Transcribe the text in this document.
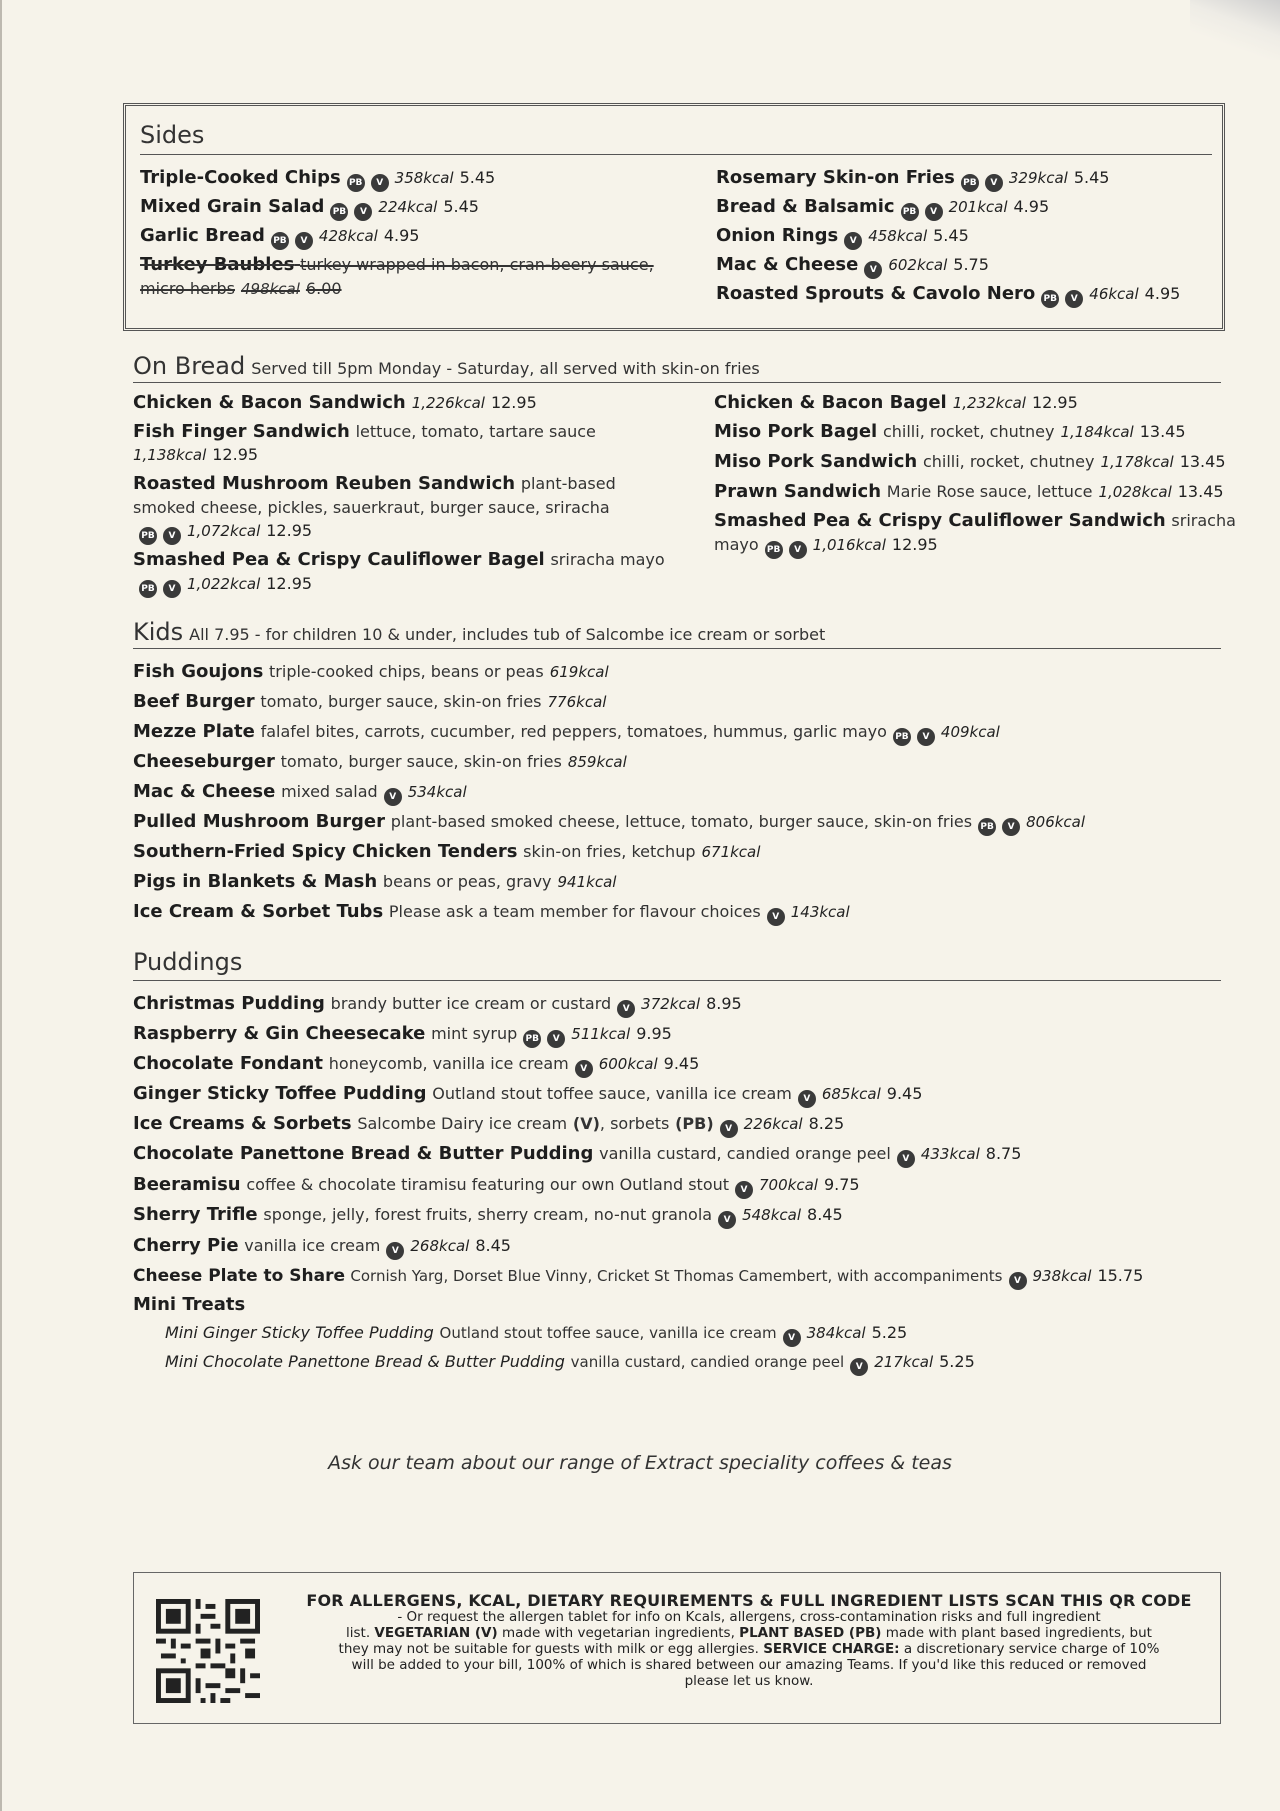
Sides
Triple-Cooked Chips PB V 358kcal 5.45
Mixed Grain Salad PB V 224kcal 5.45
Garlic Bread PB V 428kcal 4.95
Turkey Baubles turkey wrapped in bacon, cran-beery sauce,
micro herbs 498kcal 6.00
Rosemary Skin-on Fries PB V 329kcal 5.45
Bread & Balsamic PB V 201kcal 4.95
Onion Rings V 458kcal 5.45
Mac & Cheese V 602kcal 5.75
Roasted Sprouts & Cavolo Nero PB V 46kcal 4.95
On Bread Served till 5pm Monday - Saturday, all served with skin-on fries
Chicken & Bacon Sandwich 1,226kcal 12.95
Fish Finger Sandwich lettuce, tomato, tartare sauce
1,138kcal 12.95
Roasted Mushroom Reuben Sandwich plant-based
smoked cheese, pickles, sauerkraut, burger sauce, sriracha
PB V 1,072kcal 12.95
Smashed Pea & Crispy Cauliflower Bagel sriracha mayo
PB V 1,022kcal 12.95
Chicken & Bacon Bagel 1,232kcal 12.95
Miso Pork Bagel chilli, rocket, chutney 1,184kcal 13.45
Miso Pork Sandwich chilli, rocket, chutney 1,178kcal 13.45
Prawn Sandwich Marie Rose sauce, lettuce 1,028kcal 13.45
Smashed Pea & Crispy Cauliflower Sandwich sriracha
mayo PB V 1,016kcal 12.95
Kids All 7.95 - for children 10 & under, includes tub of Salcombe ice cream or sorbet
Fish Goujons triple-cooked chips, beans or peas 619kcal
Beef Burger tomato, burger sauce, skin-on fries 776kcal
Mezze Plate falafel bites, carrots, cucumber, red peppers, tomatoes, hummus, garlic mayo PB V 409kcal
Cheeseburger tomato, burger sauce, skin-on fries 859kcal
Mac & Cheese mixed salad V 534kcal
Pulled Mushroom Burger plant-based smoked cheese, lettuce, tomato, burger sauce, skin-on fries PB V 806kcal
Southern-Fried Spicy Chicken Tenders skin-on fries, ketchup 671kcal
Pigs in Blankets & Mash beans or peas, gravy 941kcal
Ice Cream & Sorbet Tubs Please ask a team member for flavour choices V 143kcal
Puddings
Christmas Pudding brandy butter ice cream or custard V 372kcal 8.95
Raspberry & Gin Cheesecake mint syrup PB V 511kcal 9.95
Chocolate Fondant honeycomb, vanilla ice cream V 600kcal 9.45
Ginger Sticky Toffee Pudding Outland stout toffee sauce, vanilla ice cream V 685kcal 9.45
Ice Creams & Sorbets Salcombe Dairy ice cream (V), sorbets (PB) V 226kcal 8.25
Chocolate Panettone Bread & Butter Pudding vanilla custard, candied orange peel V 433kcal 8.75
Beeramisu coffee & chocolate tiramisu featuring our own Outland stout V 700kcal 9.75
Sherry Trifle sponge, jelly, forest fruits, sherry cream, no-nut granola V 548kcal 8.45
Cherry Pie vanilla ice cream V 268kcal 8.45
Cheese Plate to Share Cornish Yarg, Dorset Blue Vinny, Cricket St Thomas Camembert, with accompaniments V 938kcal 15.75
Mini Treats
Mini Ginger Sticky Toffee Pudding Outland stout toffee sauce, vanilla ice cream V 384kcal 5.25
Mini Chocolate Panettone Bread & Butter Pudding vanilla custard, candied orange peel V 217kcal 5.25
Ask our team about our range of Extract speciality coffees & teas
FOR ALLERGENS, KCAL, DIETARY REQUIREMENTS & FULL INGREDIENT LISTS SCAN THIS QR CODE
- Or request the allergen tablet for info on Kcals, allergens, cross-contamination risks and full ingredient
list. VEGETARIAN (V) made with vegetarian ingredients, PLANT BASED (PB) made with plant based ingredients, but
they may not be suitable for guests with milk or egg allergies. SERVICE CHARGE: a discretionary service charge of 10%
will be added to your bill, 100% of which is shared between our amazing Teams. If you'd like this reduced or removed
please let us know.
